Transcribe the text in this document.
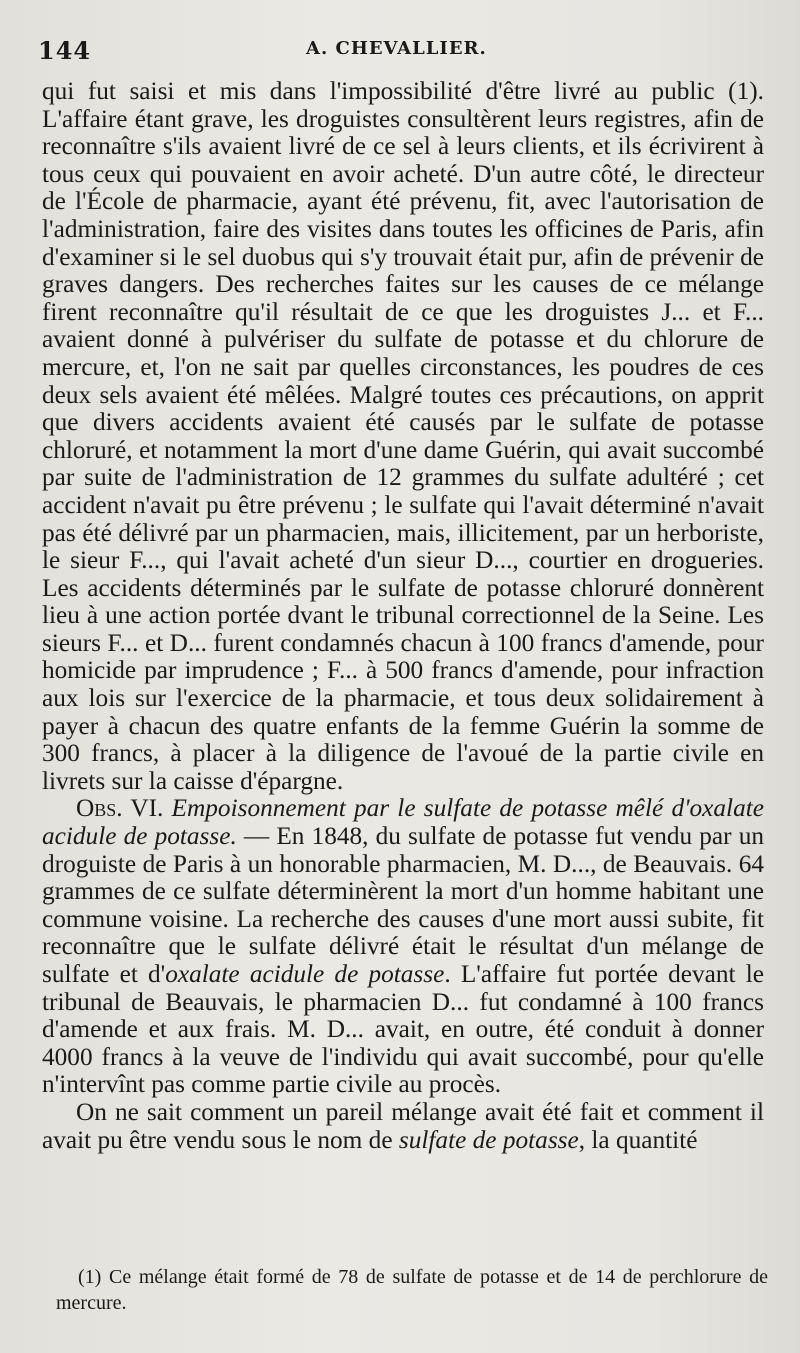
144	A. CHEVALLIER.

qui fut saisi et mis dans l'impossibilité d'être livré au public (1). L'affaire étant grave, les droguistes consultèrent leurs registres, afin de reconnaître s'ils avaient livré de ce sel à leurs clients, et ils écrivirent à tous ceux qui pouvaient en avoir acheté. D'un autre côté, le directeur de l'École de pharmacie, ayant été prévenu, fit, avec l'autorisation de l'administration, faire des visites dans toutes les officines de Paris, afin d'examiner si le sel duobus qui s'y trouvait était pur, afin de prévenir de graves dangers. Des recherches faites sur les causes de ce mélange firent reconnaître qu'il résultait de ce que les droguistes J... et F... avaient donné à pulvériser du sulfate de potasse et du chlorure de mercure, et, l'on ne sait par quelles circonstances, les poudres de ces deux sels avaient été mêlées. Malgré toutes ces précautions, on apprit que divers accidents avaient été causés par le sulfate de potasse chloruré, et notamment la mort d'une dame Guérin, qui avait succombé par suite de l'administration de 12 grammes du sulfate adultéré ; cet accident n'avait pu être prévenu ; le sulfate qui l'avait déterminé n'avait pas été délivré par un pharmacien, mais, illicitement, par un herboriste, le sieur F..., qui l'avait acheté d'un sieur D..., courtier en drogueries. Les accidents déterminés par le sulfate de potasse chloruré donnèrent lieu à une action portée dvant le tribunal correctionnel de la Seine. Les sieurs F... et D... furent condamnés chacun à 100 francs d'amende, pour homicide par imprudence ; F... à 500 francs d'amende, pour infraction aux lois sur l'exercice de la pharmacie, et tous deux solidairement à payer à chacun des quatre enfants de la femme Guérin la somme de 300 francs, à placer à la diligence de l'avoué de la partie civile en livrets sur la caisse d'épargne.

Obs. VI. Empoisonnement par le sulfate de potasse mêlé d'oxalate acidule de potasse. — En 1848, du sulfate de potasse fut vendu par un droguiste de Paris à un honorable pharmacien, M. D..., de Beauvais. 64 grammes de ce sulfate déterminèrent la mort d'un homme habitant une commune voisine. La recherche des causes d'une mort aussi subite, fit reconnaître que le sulfate délivré était le résultat d'un mélange de sulfate et d'oxalate acidule de potasse. L'affaire fut portée devant le tribunal de Beauvais, le pharmacien D... fut condamné à 100 francs d'amende et aux frais. M. D... avait, en outre, été conduit à donner 4000 francs à la veuve de l'individu qui avait succombé, pour qu'elle n'intervînt pas comme partie civile au procès.

On ne sait comment un pareil mélange avait été fait et comment il avait pu être vendu sous le nom de sulfate de potasse, la quantité

(1) Ce mélange était formé de 78 de sulfate de potasse et de 14 de perchlorure de mercure.
